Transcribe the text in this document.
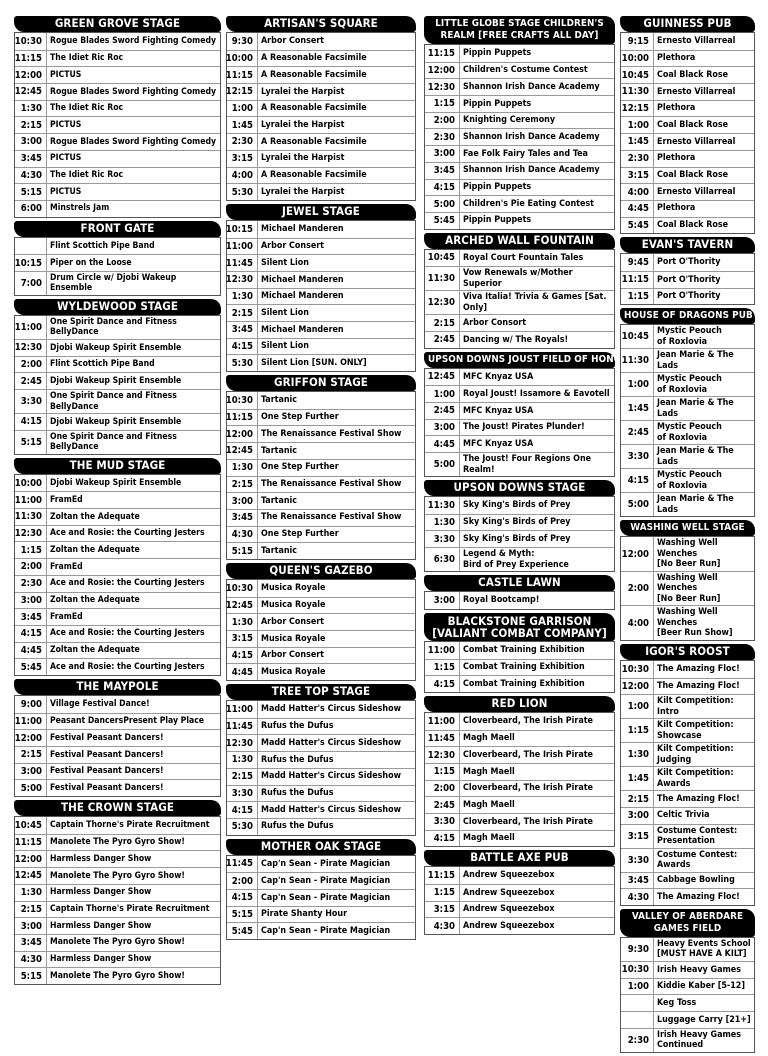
GREEN GROVE STAGE
10:30 Rogue Blades Sword Fighting Comedy
11:15 The Idiet Ric Roc
12:00 PICTUS
12:45 Rogue Blades Sword Fighting Comedy
1:30 The Idiet Ric Roc
2:15 PICTUS
3:00 Rogue Blades Sword Fighting Comedy
3:45 PICTUS
4:30 The Idiet Ric Roc
5:15 PICTUS
6:00 Minstrels Jam
FRONT GATE
Flint Scottich Pipe Band
10:15 Piper on the Loose
7:00 Drum Circle w/ Djobi Wakeup Ensemble
WYLDEWOOD STAGE
11:00 One Spirit Dance and Fitness BellyDance
12:30 Djobi Wakeup Spirit Ensemble
2:00 Flint Scottich Pipe Band
2:45 Djobi Wakeup Spirit Ensemble
3:30 One Spirit Dance and Fitness BellyDance
4:15 Djobi Wakeup Spirit Ensemble
5:15 One Spirit Dance and Fitness BellyDance
THE MUD STAGE
10:00 Djobi Wakeup Spirit Ensemble
11:00 FramEd
11:30 Zoltan the Adequate
12:30 Ace and Rosie: the Courting Jesters
1:15 Zoltan the Adequate
2:00 FramEd
2:30 Ace and Rosie: the Courting Jesters
3:00 Zoltan the Adequate
3:45 FramEd
4:15 Ace and Rosie: the Courting Jesters
4:45 Zoltan the Adequate
5:45 Ace and Rosie: the Courting Jesters
THE MAYPOLE
9:00 Village Festival Dance!
11:00 Peasant DancersPresent Play Place
12:00 Festival Peasant Dancers!
2:15 Festival Peasant Dancers!
3:00 Festival Peasant Dancers!
5:00 Festival Peasant Dancers!
THE CROWN STAGE
10:45 Captain Thorne's Pirate Recruitment
11:15 Manolete The Pyro Gyro Show!
12:00 Harmless Danger Show
12:45 Manolete The Pyro Gyro Show!
1:30 Harmless Danger Show
2:15 Captain Thorne's Pirate Recruitment
3:00 Harmless Danger Show
3:45 Manolete The Pyro Gyro Show!
4:30 Harmless Danger Show
5:15 Manolete The Pyro Gyro Show!
ARTISAN'S SQUARE
9:30 Arbor Consert
10:00 A Reasonable Facsimile
11:15 A Reasonable Facsimile
12:15 Lyralei the Harpist
1:00 A Reasonable Facsimile
1:45 Lyralei the Harpist
2:30 A Reasonable Facsimile
3:15 Lyralei the Harpist
4:00 A Reasonable Facsimile
5:30 Lyralei the Harpist
JEWEL STAGE
10:15 Michael Manderen
11:00 Arbor Consert
11:45 Silent Lion
12:30 Michael Manderen
1:30 Michael Manderen
2:15 Silent Lion
3:45 Michael Manderen
4:15 Silent Lion
5:30 Silent Lion [SUN. ONLY]
GRIFFON STAGE
10:30 Tartanic
11:15 One Step Further
12:00 The Renaissance Festival Show
12:45 Tartanic
1:30 One Step Further
2:15 The Renaissance Festival Show
3:00 Tartanic
3:45 The Renaissance Festival Show
4:30 One Step Further
5:15 Tartanic
QUEEN'S GAZEBO
10:30 Musica Royale
12:45 Musica Royale
1:30 Arbor Consert
3:15 Musica Royale
4:15 Arbor Consert
4:45 Musica Royale
TREE TOP STAGE
11:00 Madd Hatter's Circus Sideshow
11:45 Rufus the Dufus
12:30 Madd Hatter's Circus Sideshow
1:30 Rufus the Dufus
2:15 Madd Hatter's Circus Sideshow
3:30 Rufus the Dufus
4:15 Madd Hatter's Circus Sideshow
5:30 Rufus the Dufus
MOTHER OAK STAGE
11:45 Cap'n Sean - Pirate Magician
2:00 Cap'n Sean - Pirate Magician
4:15 Cap'n Sean - Pirate Magician
5:15 Pirate Shanty Hour
5:45 Cap'n Sean - Pirate Magician
LITTLE GLOBE STAGE CHILDREN'S REALM [FREE CRAFTS ALL DAY]
11:15 Pippin Puppets
12:00 Children's Costume Contest
12:30 Shannon Irish Dance Academy
1:15 Pippin Puppets
2:00 Knighting Ceremony
2:30 Shannon Irish Dance Academy
3:00 Fae Folk Fairy Tales and Tea
3:45 Shannon Irish Dance Academy
4:15 Pippin Puppets
5:00 Children's Pie Eating Contest
5:45 Pippin Puppets
ARCHED WALL FOUNTAIN
10:45 Royal Court Fountain Tales
11:30 Vow Renewals w/Mother Superior
12:30 Viva Italia! Trivia & Games [Sat. Only]
2:15 Arbor Consort
2:45 Dancing w/ The Royals!
UPSON DOWNS JOUST FIELD OF HONOR
12:45 MFC Knyaz USA
1:00 Royal Joust! Issamore & Eavotell
2:45 MFC Knyaz USA
3:00 The Joust! Pirates Plunder!
4:45 MFC Knyaz USA
5:00 The Joust! Four Regions One Realm!
UPSON DOWNS STAGE
11:30 Sky King's Birds of Prey
1:30 Sky King's Birds of Prey
3:30 Sky King's Birds of Prey
6:30 Legend & Myth:
Bird of Prey Experience
CASTLE LAWN
3:00 Royal Bootcamp!
BLACKSTONE GARRISON [VALIANT COMBAT COMPANY]
11:00 Combat Training Exhibition
1:15 Combat Training Exhibition
4:15 Combat Training Exhibition
RED LION
11:00 Cloverbeard, The Irish Pirate
11:45 Magh Maell
12:30 Cloverbeard, The Irish Pirate
1:15 Magh Maell
2:00 Cloverbeard, The Irish Pirate
2:45 Magh Maell
3:30 Cloverbeard, The Irish Pirate
4:15 Magh Maell
BATTLE AXE PUB
11:15 Andrew Squeezebox
1:15 Andrew Squeezebox
3:15 Andrew Squeezebox
4:30 Andrew Squeezebox
GUINNESS PUB
9:15 Ernesto Villarreal
10:00 Plethora
10:45 Coal Black Rose
11:30 Ernesto Villarreal
12:15 Plethora
1:00 Coal Black Rose
1:45 Ernesto Villarreal
2:30 Plethora
3:15 Coal Black Rose
4:00 Ernesto Villarreal
4:45 Plethora
5:45 Coal Black Rose
EVAN'S TAVERN
9:45 Port O'Thority
11:15 Port O'Thority
1:15 Port O'Thority
HOUSE OF DRAGONS PUB
10:45 Mystic Peouch
of Roxlovia
11:30 Jean Marie & The Lads
1:00 Mystic Peouch
of Roxlovia
1:45 Jean Marie & The Lads
2:45 Mystic Peouch
of Roxlovia
3:30 Jean Marie & The Lads
4:15 Mystic Peouch
of Roxlovia
5:00 Jean Marie & The Lads
WASHING WELL STAGE
12:00
Washing Well Wenches
[No Beer Run]
2:00
Washing Well Wenches
[No Beer Run]
4:00
Washing Well Wenches
[Beer Run Show]
IGOR'S ROOST
10:30 The Amazing Floc!
12:00 The Amazing Floc!
1:00 Kilt Competition: Intro
1:15 Kilt Competition:
Showcase
1:30 Kilt Competition:
Judging
1:45 Kilt Competition:
Awards
2:15 The Amazing Floc!
3:00 Celtic Trivia
3:15 Costume Contest:
Presentation
3:30 Costume Contest:
Awards
3:45 Cabbage Bowling
4:30 The Amazing Floc!
VALLEY OF ABERDARE GAMES FIELD
9:30 Heavy Events School
[MUST HAVE A KILT]
10:30 Irish Heavy Games
1:00 Kiddie Kaber [5-12]
Keg Toss
Luggage Carry [21+]
2:30 Irish Heavy Games
Continued
